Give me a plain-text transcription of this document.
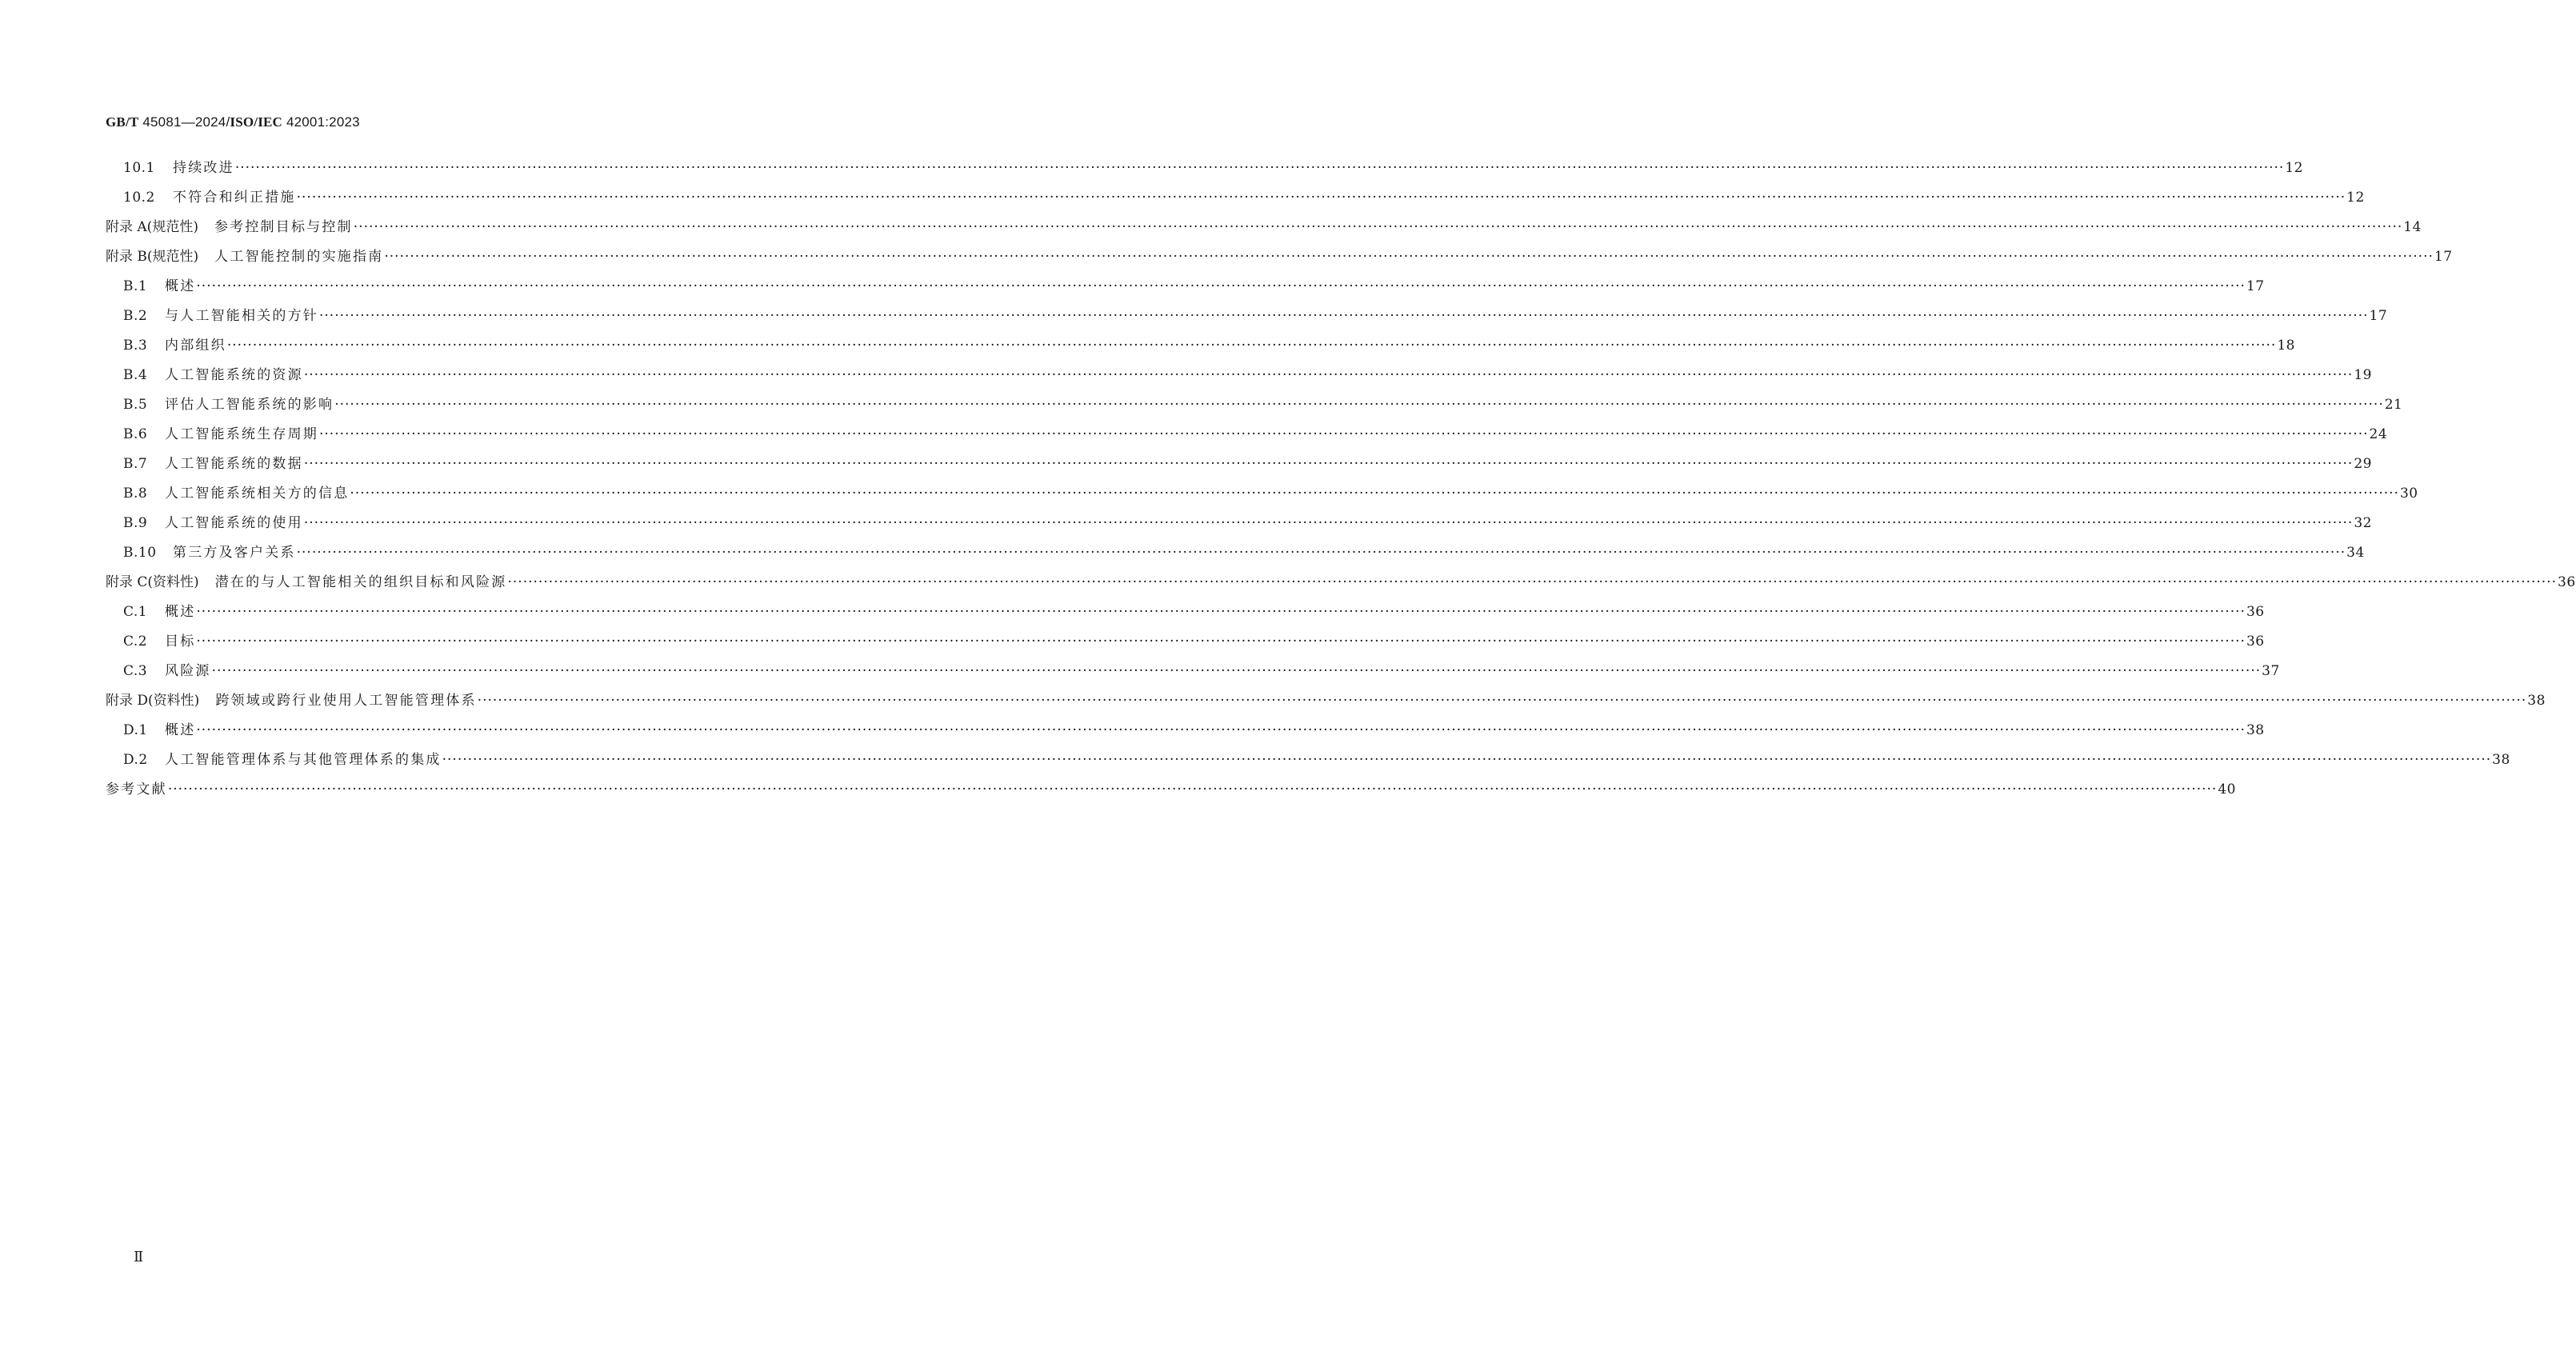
GB/T 45081—2024/ISO/IEC 42001:2023
10.1	持续改进 ················································································································································································································································································································································································································ 12
10.2	不符合和纠正措施 ················································································································································································································································································································································································································ 12
附录 A(规范性) 参考控制目标与控制 ················································································································································································································································································································································································································ 14
附录 B(规范性) 人工智能控制的实施指南 ················································································································································································································································································································································································································ 17
B.1	概述 ················································································································································································································································································································································································································ 17
B.2	与人工智能相关的方针 ················································································································································································································································································································································································································ 17
B.3	内部组织 ················································································································································································································································································································································································································ 18
B.4	人工智能系统的资源 ················································································································································································································································································································································································································ 19
B.5	评估人工智能系统的影响 ················································································································································································································································································································································································································ 21
B.6	人工智能系统生存周期 ················································································································································································································································································································································································································ 24
B.7	人工智能系统的数据 ················································································································································································································································································································································································································ 29
B.8	人工智能系统相关方的信息 ················································································································································································································································································································································································································ 30
B.9	人工智能系统的使用 ················································································································································································································································································································································································································ 32
B.10	第三方及客户关系 ················································································································································································································································································································································································································ 34
附录 C(资料性) 潜在的与人工智能相关的组织目标和风险源 ················································································································································································································································································································································································································ 36
C.1	概述 ················································································································································································································································································································································································································ 36
C.2	目标 ················································································································································································································································································································································································································ 36
C.3	风险源 ················································································································································································································································································································································································································ 37
附录 D(资料性) 跨领域或跨行业使用人工智能管理体系 ················································································································································································································································································································································································································ 38
D.1	概述 ················································································································································································································································································································································································································ 38
D.2	人工智能管理体系与其他管理体系的集成 ················································································································································································································································································································································································································ 38
参考文献 ················································································································································································································································································································································································································ 40
Ⅱ
